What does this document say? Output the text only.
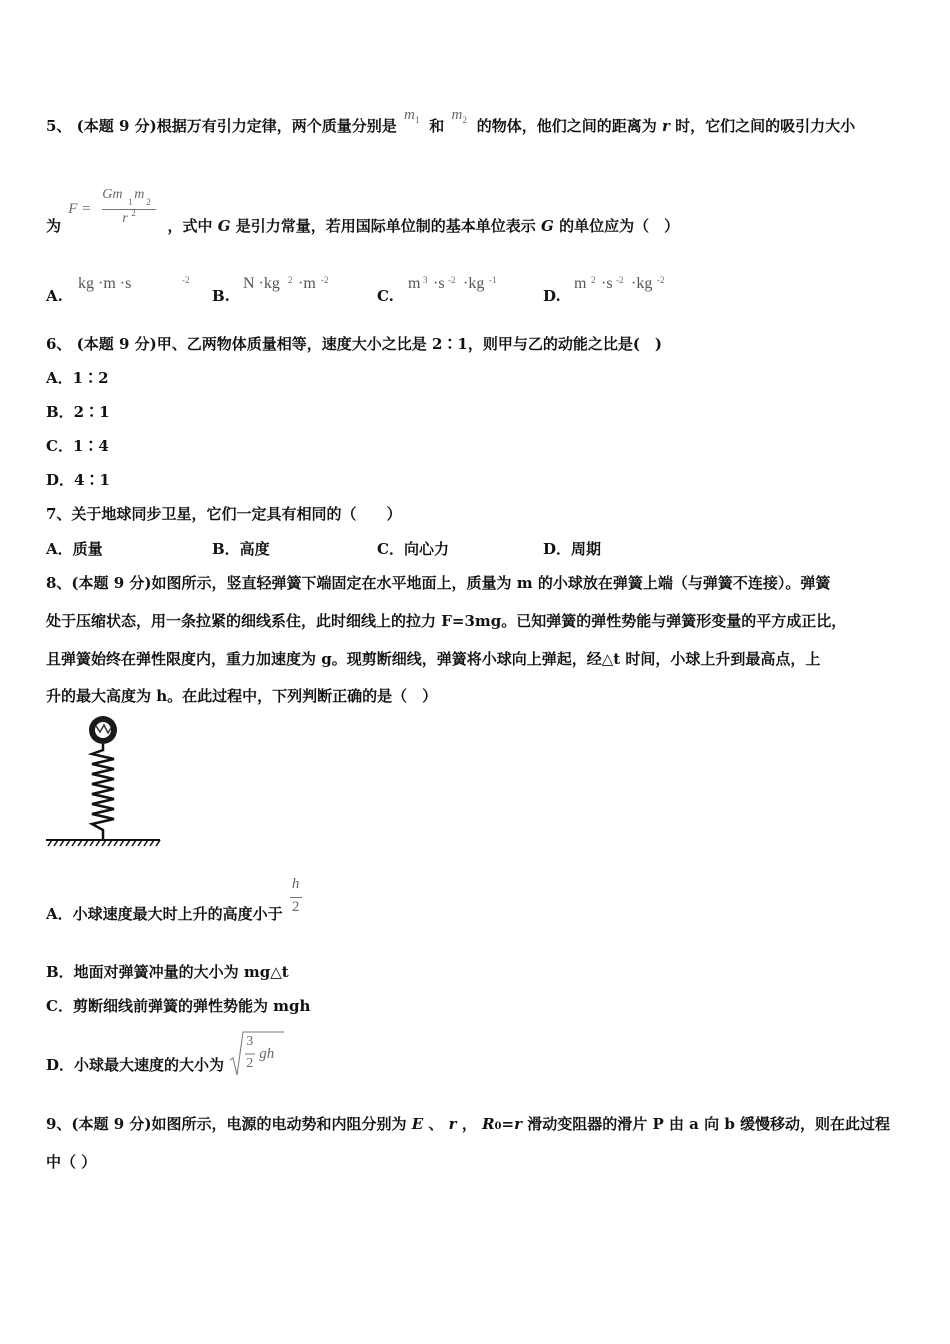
5、 (本题 9 分)根据万有引力定律，两个质量分别是
m 1 和
m 2 的物体，他们之间的距离为 r 时，它们之间的吸引力大小
为
F =
Gm 1 m 2
r 2
，式中 G 是引力常量，若用国际单位制的基本单位表示 G 的单位应为（　）
A.
kg ·m ·s	-2
B.
N ·kg 2 ·m -2
C.
m 3 ·s -2 ·kg -1
D.
m 2 ·s -2 ·kg -2
6、 (本题 9 分)甲、乙两物体质量相等，速度大小之比是 2∶1，则甲与乙的动能之比是(　)
A．1∶2
B．2∶1
C．1∶4
D．4∶1
7、关于地球同步卫星，它们一定具有相同的（　　）
A．质量	B．高度	C．向心力	D．周期
8、(本题 9 分)如图所示，竖直轻弹簧下端固定在水平地面上，质量为 m 的小球放在弹簧上端（与弹簧不连接）。弹簧
处于压缩状态，用一条拉紧的细线系住，此时细线上的拉力 F=3mg。已知弹簧的弹性势能与弹簧形变量的平方成正比，
且弹簧始终在弹性限度内，重力加速度为 g。现剪断细线，弹簧将小球向上弹起，经△t 时间，小球上升到最高点，上
升的最大高度为 h。在此过程中，下列判断正确的是（　）
A．小球速度最大时上升的高度小于 $\frac{h}{2}$
B．地面对弹簧冲量的大小为 mg△t
C．剪断细线前弹簧的弹性势能为 mgh
D．小球最大速度的大小为
3
2
gh
9、(本题 9 分)如图所示，电源的电动势和内阻分别为 E 、 r ， R0=r 滑动变阻器的滑片 P 由 a 向 b 缓慢移动，则在此过程
中（ ）
